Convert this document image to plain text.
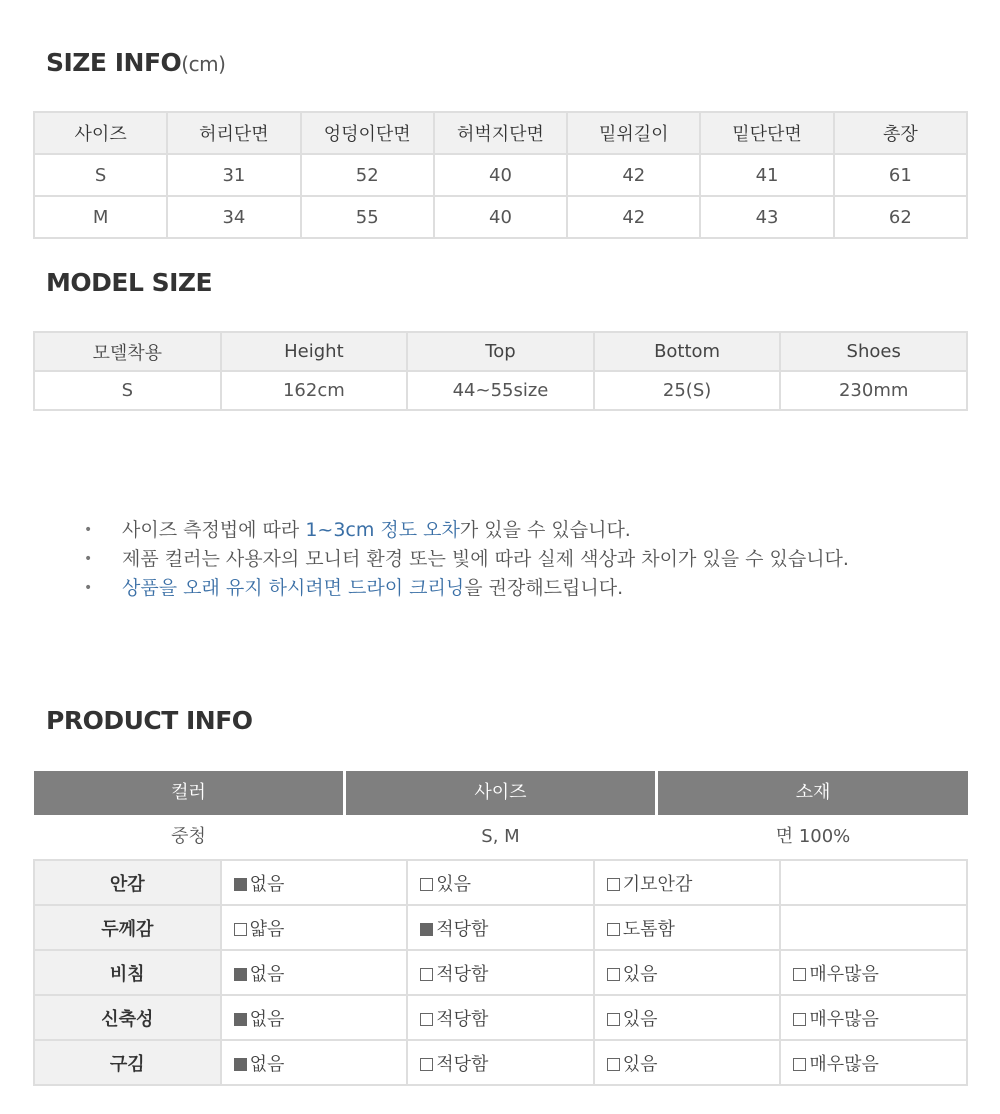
SIZE INFO(cm)
사이즈	허리단면	엉덩이단면	허벅지단면	밑위길이	밑단단면	총장
S	31	52	40	42	41	61
M	34	55	40	42	43	62
MODEL SIZE
모델착용	Height	Top	Bottom	Shoes
S	162cm	44~55size	25(S)	230mm
• 사이즈 측정법에 따라 1~3cm 정도 오차가 있을 수 있습니다.
• 제품 컬러는 사용자의 모니터 환경 또는 빛에 따라 실제 색상과 차이가 있을 수 있습니다.
• 상품을 오래 유지 하시려면 드라이 크리닝을 권장해드립니다.
PRODUCT INFO
컬러	사이즈	소재
중청	S, M	면 100%
안감	없음	있음	기모안감	
두께감	얇음	적당함	도톰함	
비침	없음	적당함	있음	매우많음
신축성	없음	적당함	있음	매우많음
구김	없음	적당함	있음	매우많음
